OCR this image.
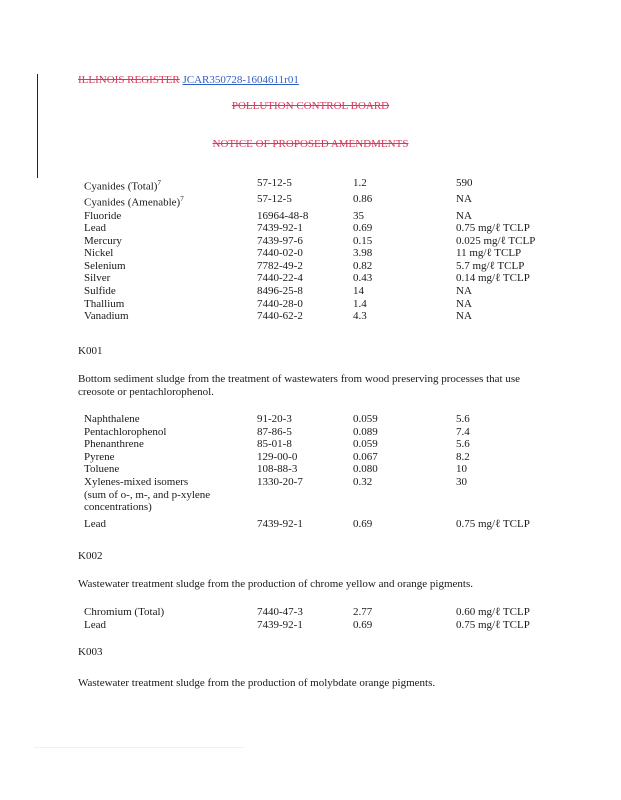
ILLINOIS REGISTER JCAR350728-1604611r01
POLLUTION CONTROL BOARD
NOTICE OF PROPOSED AMENDMENTS
Cyanides (Total)$^7$	57-12-5	1.2	590
Cyanides (Amenable)$^7$	57-12-5	0.86	NA
Fluoride	16964-48-8	35	NA
Lead	7439-92-1	0.69	0.75 mg/ℓ TCLP
Mercury	7439-97-6	0.15	0.025 mg/ℓ TCLP
Nickel	7440-02-0	3.98	11 mg/ℓ TCLP
Selenium	7782-49-2	0.82	5.7 mg/ℓ TCLP
Silver	7440-22-4	0.43	0.14 mg/ℓ TCLP
Sulfide	8496-25-8	14	NA
Thallium	7440-28-0	1.4	NA
Vanadium	7440-62-2	4.3	NA
K001
Bottom sediment sludge from the treatment of wastewaters from wood preserving processes that use creosote or pentachlorophenol.
Naphthalene	91-20-3	0.059	5.6
Pentachlorophenol	87-86-5	0.089	7.4
Phenanthrene	85-01-8	0.059	5.6
Pyrene	129-00-0	0.067	8.2
Toluene	108-88-3	0.080	10
Xylenes-mixed isomers	1330-20-7	0.32	30
(sum of o-, m-, and p-xylene			
concentrations)			
Lead	7439-92-1	0.69	0.75 mg/ℓ TCLP
K002
Wastewater treatment sludge from the production of chrome yellow and orange pigments.
Chromium (Total)	7440-47-3	2.77	0.60 mg/ℓ TCLP
Lead	7439-92-1	0.69	0.75 mg/ℓ TCLP
K003
Wastewater treatment sludge from the production of molybdate orange pigments.
